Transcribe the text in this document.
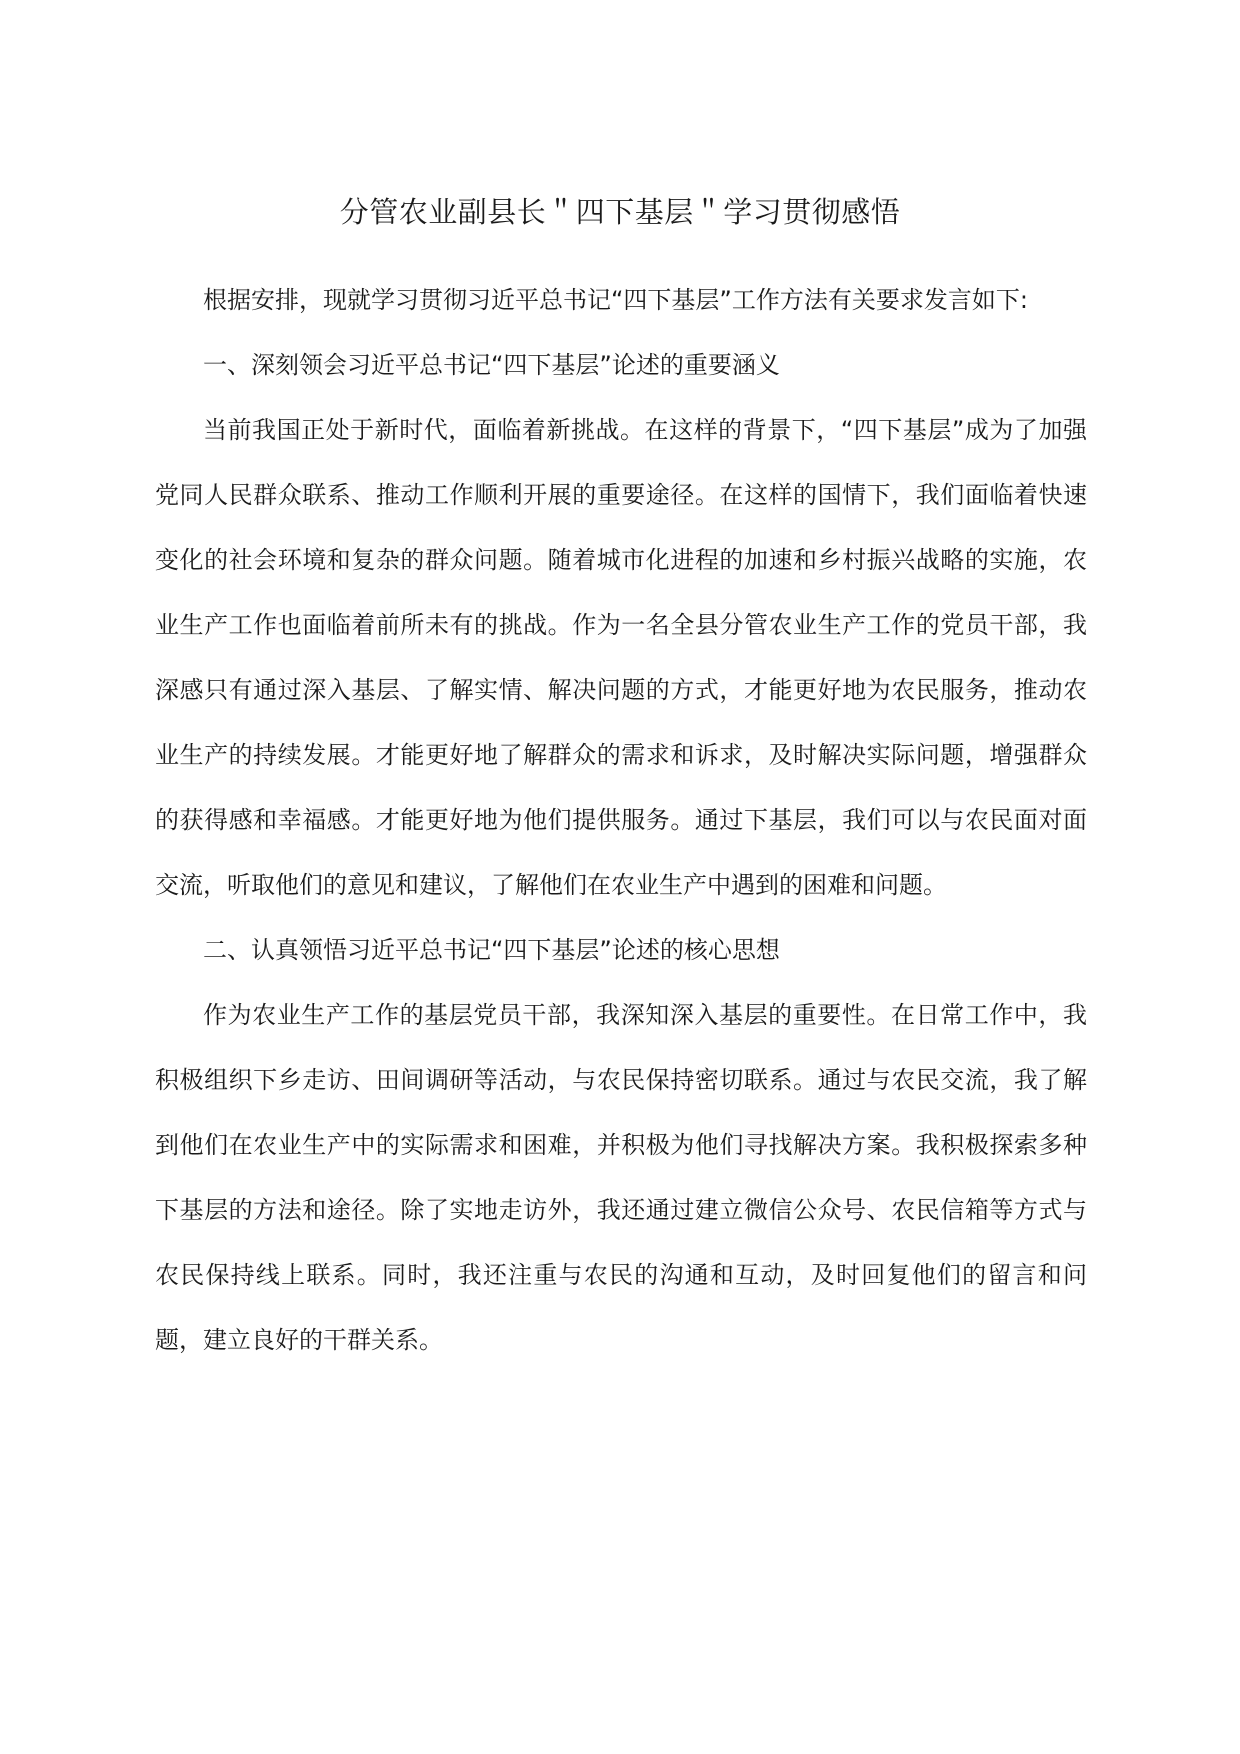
分管农业副县长＂四下基层＂学习贯彻感悟

根据安排，现就学习贯彻习近平总书记“四下基层”工作方法有关要求发言如下:

一、深刻领会习近平总书记“四下基层”论述的重要涵义

当前我国正处于新时代，面临着新挑战。在这样的背景下，“四下基层”成为了加强党同人民群众联系、推动工作顺利开展的重要途径。在这样的国情下，我们面临着快速变化的社会环境和复杂的群众问题。随着城市化进程的加速和乡村振兴战略的实施，农业生产工作也面临着前所未有的挑战。作为一名全县分管农业生产工作的党员干部，我深感只有通过深入基层、了解实情、解决问题的方式，才能更好地为农民服务，推动农业生产的持续发展。才能更好地了解群众的需求和诉求，及时解决实际问题，增强群众的获得感和幸福感。才能更好地为他们提供服务。通过下基层，我们可以与农民面对面交流，听取他们的意见和建议，了解他们在农业生产中遇到的困难和问题。

二、认真领悟习近平总书记“四下基层”论述的核心思想

作为农业生产工作的基层党员干部，我深知深入基层的重要性。在日常工作中，我积极组织下乡走访、田间调研等活动，与农民保持密切联系。通过与农民交流，我了解到他们在农业生产中的实际需求和困难，并积极为他们寻找解决方案。我积极探索多种下基层的方法和途径。除了实地走访外，我还通过建立微信公众号、农民信箱等方式与农民保持线上联系。同时，我还注重与农民的沟通和互动，及时回复他们的留言和问题，建立良好的干群关系。
